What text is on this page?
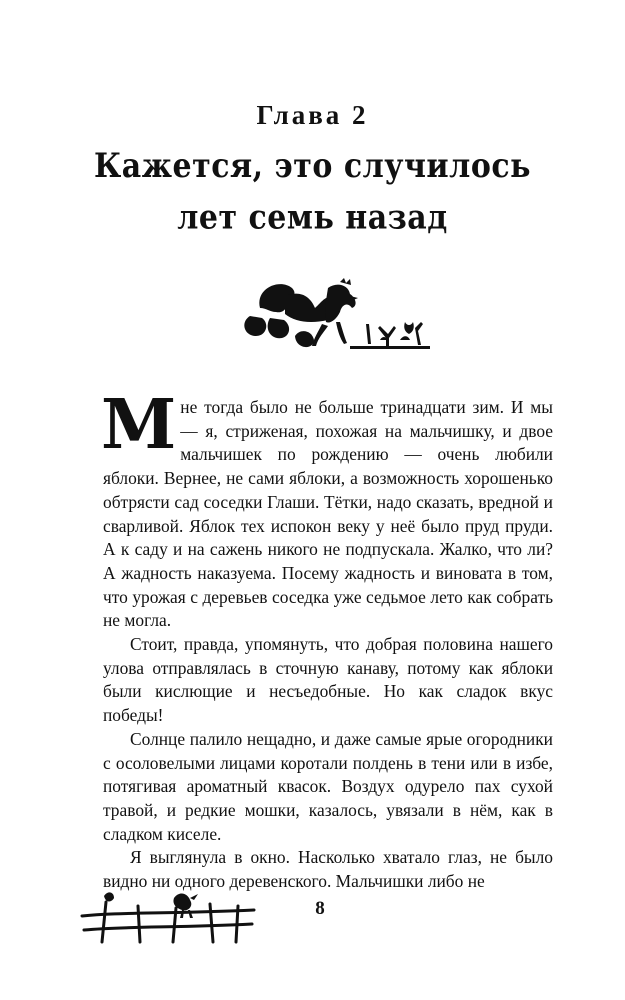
Глава 2
Кажется, это случилось
лет семь назад

Мне тогда было не больше тринадцати зим. И мы — я, стриженая, похожая на мальчишку, и двое мальчишек по рождению — очень любили яблоки. Вернее, не сами яблоки, а возможность хорошенько обтрясти сад соседки Глаши. Тётки, надо сказать, вредной и сварливой. Яблок тех испокон веку у неё было пруд пруди. А к саду и на сажень никого не подпускала. Жалко, что ли? А жадность наказуема. Посему жадность и виновата в том, что урожая с деревьев соседка уже седьмое лето как собрать не могла.

Стоит, правда, упомянуть, что добрая половина нашего улова отправлялась в сточную канаву, потому как яблоки были кислющие и несъедобные. Но как сладок вкус победы!

Солнце палило нещадно, и даже самые ярые огородники с осоловелыми лицами коротали полдень в тени или в избе, потягивая ароматный квасок. Воздух одурело пах сухой травой, и редкие мошки, казалось, увязали в нём, как в сладком киселе.

Я выглянула в окно. Насколько хватало глаз, не было видно ни одного деревенского. Мальчишки либо не

8
